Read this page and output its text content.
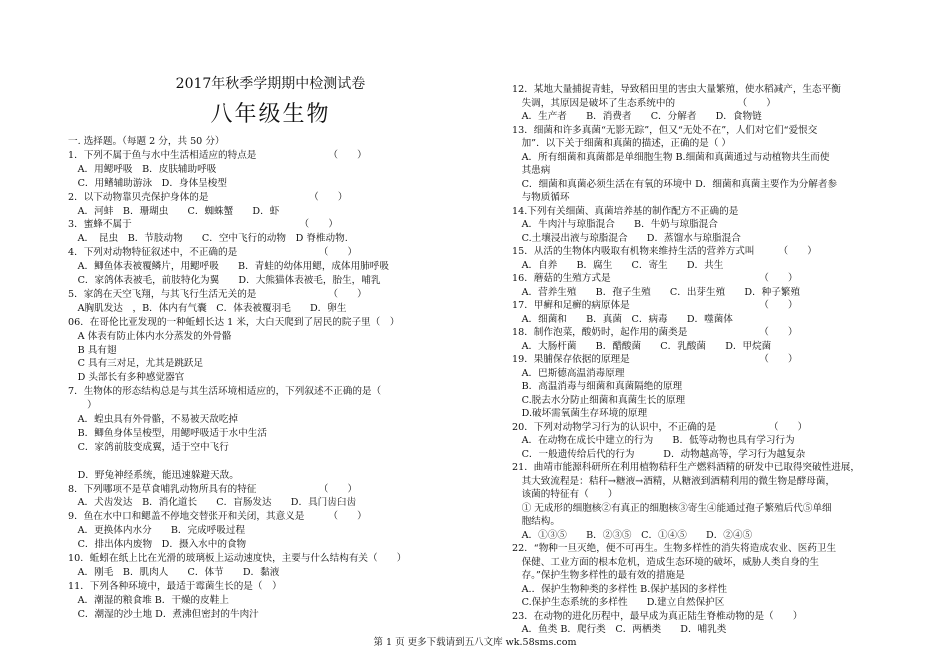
2017年秋季学期期中检测试卷
八年级生物
一. 选择题。（每题 2 分，共 50 分）
1．下列不属于鱼与水中生活相适应的特点是　　　　　　　　（　　）
　A．用鳃呼吸　B．皮肤辅助呼吸
　C．用鳍辅助游泳　D．身体呈梭型
2．以下动物靠贝壳保护身体的是　　　　　　　　　　　（　　）
　A．河蚌　B．珊瑚虫　　C．蜘蛛蟹　　D．虾
3．蜜蜂不属于　　　　　　　　　　　　　　　　　　（　　）
　A．　昆虫　B．节肢动物　　C．空中飞行的动物　D 脊椎动物.
4．下列对动物特征叙述中，不正确的是　　　　　　　　　（　　）
　A．鲫鱼体表被覆鳞片，用鳃呼吸　　B．青蛙的幼体用鳃，成体用肺呼吸
　C．家鸽体表被毛，前肢特化为翼　　D．大熊猫体表被毛，胎生，哺乳
5．家鸽在天空飞翔，与其飞行生活无关的是　　　　　　　　（　　）
　A胸肌发达　，B．体内有气囊　C．体表被覆羽毛　　D．卵生
06．在哥伦比亚发现的一种蚯蚓长达 1 米，大白天爬到了居民的院子里（　）
　A 体表有防止体内水分蒸发的外骨骼
　B 具有翅
　C 具有三对足，尤其是跳跃足
　D 头部长有多种感觉器官
7．生物体的形态结构总是与其生活环境相适应的，下列叙述不正确的是（
　　）
　A．蝗虫具有外骨骼，不易被天敌吃掉
　B．鲫鱼身体呈梭型，用鳃呼吸适于水中生活
　C．家鸽前肢变成翼，适于空中飞行
　D．野兔神经系统，能迅速躲避天敌。
8．下列哪项不是草食哺乳动物所具有的特征　　　　　　　（　　）
　A．犬齿发达　B．消化道长　　C．盲肠发达　　D．具门齿臼齿
9．鱼在水中口和鳃盖不停地交替张开和关闭，其意义是　　　（　　）
　A．更换体内水分　　B．完成呼吸过程
　C．排出体内废物　D．摄入水中的食物
10．蚯蚓在纸上比在光滑的玻璃板上运动速度快，主要与什么结构有关（　　）
　A．刚毛　B．肌肉人　　C．体节　　D．黏液
11．下列各种环境中，最适于霉菌生长的是（　）
　A．潮湿的粮食堆 B．干燥的皮鞋上
　C．潮湿的沙土地 D．煮沸但密封的牛肉汁
12．某地大量捕捉青蛙，导致稻田里的害虫大量繁殖，使水稻减产，生态平衡
　失调，其原因是破坏了生态系统中的　　　　　　　（　　）
　A．生产者　　B．消费者　　C．分解者　　D．食物链
13．细菌和许多真菌“无影无踪”，但又“无处不在”，人们对它们“爱恨交
　加”．以下关于细菌和真菌的描述，正确的是（ ）
　A．所有细菌和真菌都是单细胞生物 B.细菌和真菌通过与动植物共生而使
　其患病
　C．细菌和真菌必须生活在有氧的环境中 D．细菌和真菌主要作为分解者参
　与物质循环
14.下列有关细菌、真菌培养基的制作配方不正确的是
　A．牛肉汁与琼脂混合　　B．牛奶与琼脂混合
　C.土壤浸出液与琼脂混合　　D．蒸馏水与琼脂混合
15．从活的生物体内吸取有机物来维持生活的营养方式叫　　　（　　）
　A．自养　　B．腐生　　C．寄生　　D．共生
16．蘑菇的生殖方式是　　　　　　　　　　　　　　　　（　　）
　A．营养生殖　　B．孢子生殖　　C．出芽生殖　　D．种子繁殖
17．甲癣和足癣的病原体是　　　　　　　　　　　　　　（　　）
　A．细菌和　　B．真菌　C．病毒　　D．噬菌体
18．制作泡菜，酸奶时，起作用的菌类是　　　　　　　　（　　）
　A．大肠杆菌　　B．醋酸菌　　C．乳酸菌　　D．甲烷菌
19．果脯保存依据的原理是　　　　　　　　　　　　　　（　　）
　A．巴斯德高温消毒原理
　B．高温消毒与细菌和真菌隔绝的原理
　C.脱去水分防止细菌和真菌生长的原理
　D.破坏需氧菌生存环境的原理
20．下列对动物学习行为的认识中，不正确的是　　　　　　（　　）
　A．在动物在成长中建立的行为　　B．低等动物也具有学习行为
　C．一般遗传给后代的行为　　　D．动物越高等，学习行为越复杂
21．曲靖市能源科研所在利用植物秸秆生产燃料酒精的研发中已取得突破性进展，
　其大致流程是：秸秆→糖液→酒精，从糖液到酒精利用的微生物是酵母菌，
　该菌的特征有（　　）
　① 无成形的细胞核②有真正的细胞核③寄生④能通过孢子繁殖后代⑤单细
　胞结构。
　A．①③⑤　　B．②③⑤　C．①④⑤　　D．②④⑤
22．“物种一旦灭绝，便不可再生。生物多样性的消失将造成农业、医药卫生
　保健、工业方面的根本危机，造成生态环境的破坏，威胁人类自身的生
　存。”保护生物多样性的最有效的措施是
　A.．保护生物种类的多样性 B.保护基因的多样性
　C.保护生态系统的多样性　　D.建立自然保护区
23．在动物的进化历程中，最早成为真正陆生脊椎动物的是（　　）
　A．鱼类 B．爬行类　C．两栖类　　D．哺乳类
第 1 页 更多下载请到五八文库 wk.58sms.com
